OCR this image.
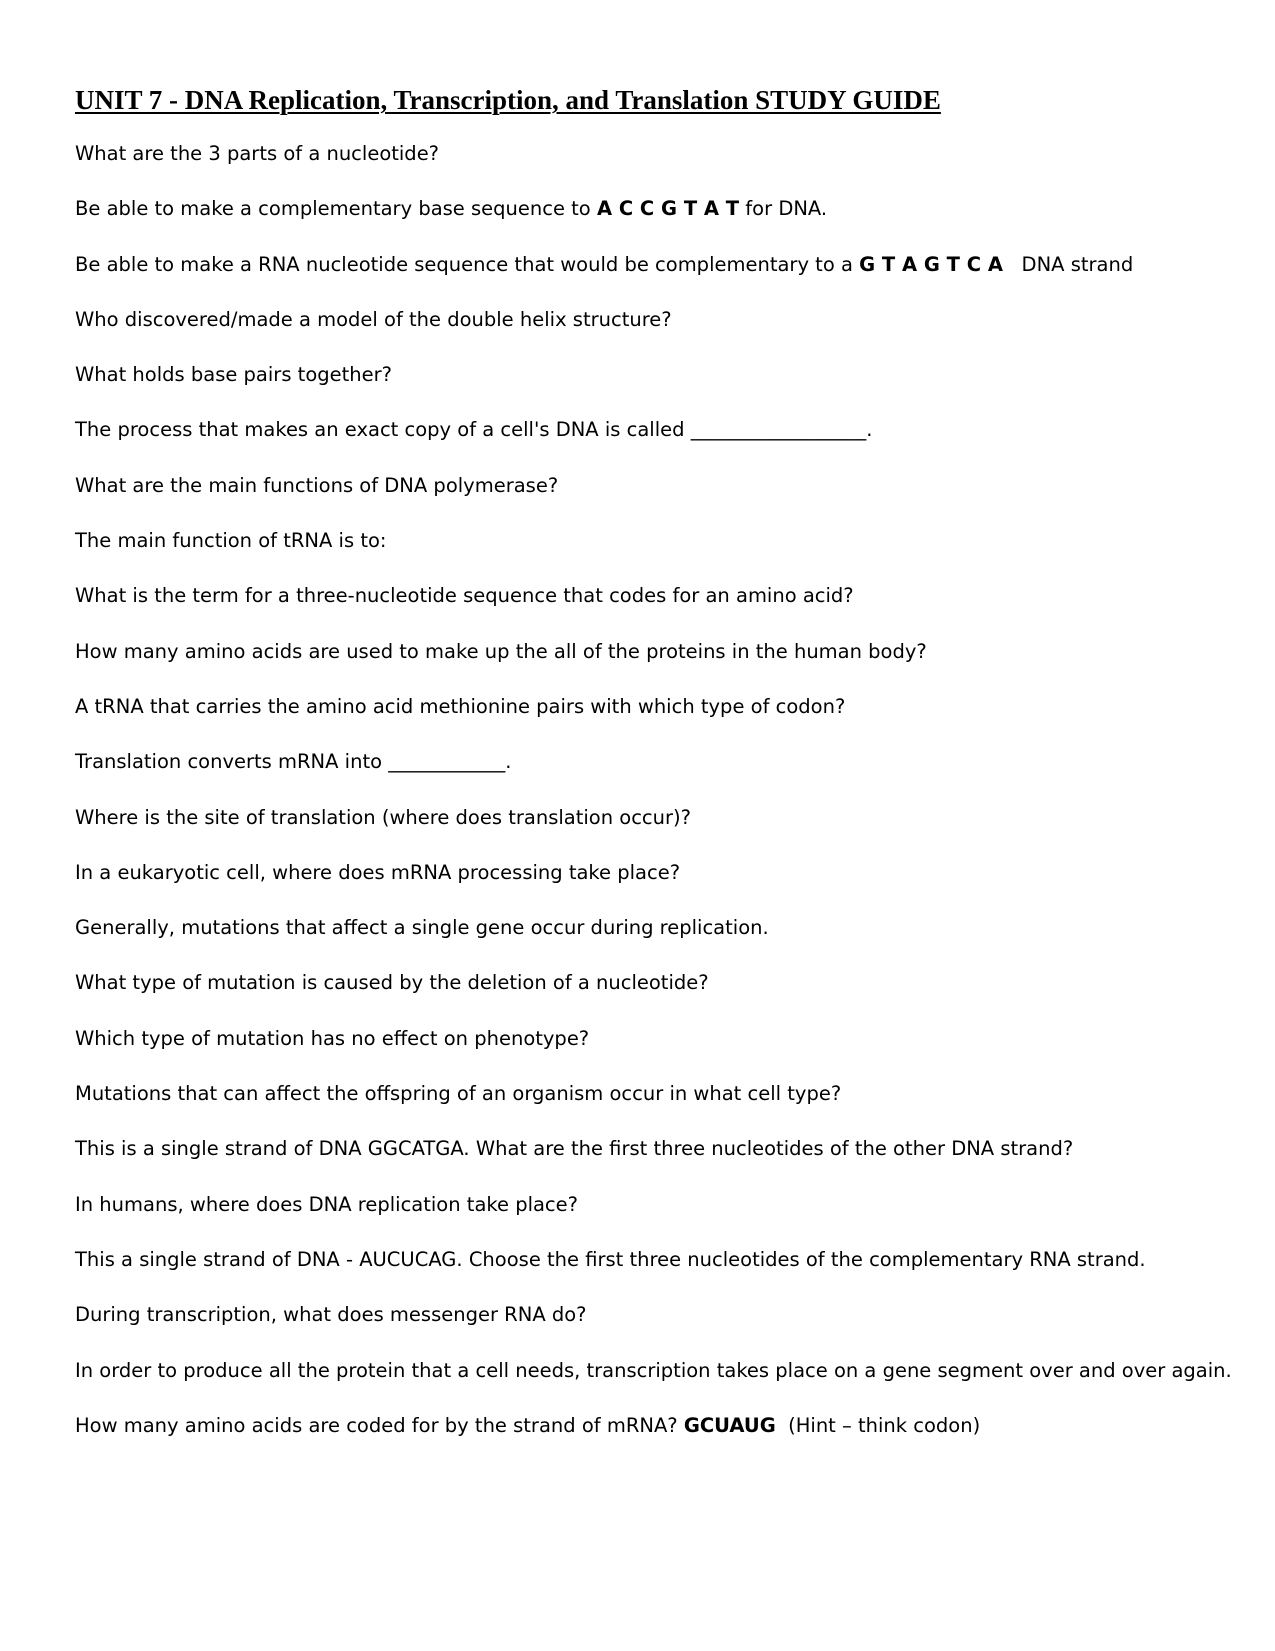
UNIT 7 - DNA Replication, Transcription, and Translation STUDY GUIDE
What are the 3 parts of a nucleotide?
Be able to make a complementary base sequence to A C C G T A T for DNA.
Be able to make a RNA nucleotide sequence that would be complementary to a G T A G T C A   DNA strand
Who discovered/made a model of the double helix structure?
What holds base pairs together?
The process that makes an exact copy of a cell's DNA is called __________________.
What are the main functions of DNA polymerase?
The main function of tRNA is to:
What is the term for a three-nucleotide sequence that codes for an amino acid?
How many amino acids are used to make up the all of the proteins in the human body?
A tRNA that carries the amino acid methionine pairs with which type of codon?
Translation converts mRNA into ____________.
Where is the site of translation (where does translation occur)?
In a eukaryotic cell, where does mRNA processing take place?
Generally, mutations that affect a single gene occur during replication.
What type of mutation is caused by the deletion of a nucleotide?
Which type of mutation has no effect on phenotype?
Mutations that can affect the offspring of an organism occur in what cell type?
This is a single strand of DNA GGCATGA. What are the first three nucleotides of the other DNA strand?
In humans, where does DNA replication take place?
This a single strand of DNA - AUCUCAG. Choose the first three nucleotides of the complementary RNA strand.
During transcription, what does messenger RNA do?
In order to produce all the protein that a cell needs, transcription takes place on a gene segment over and over again.
How many amino acids are coded for by the strand of mRNA? GCUAUG  (Hint – think codon)
